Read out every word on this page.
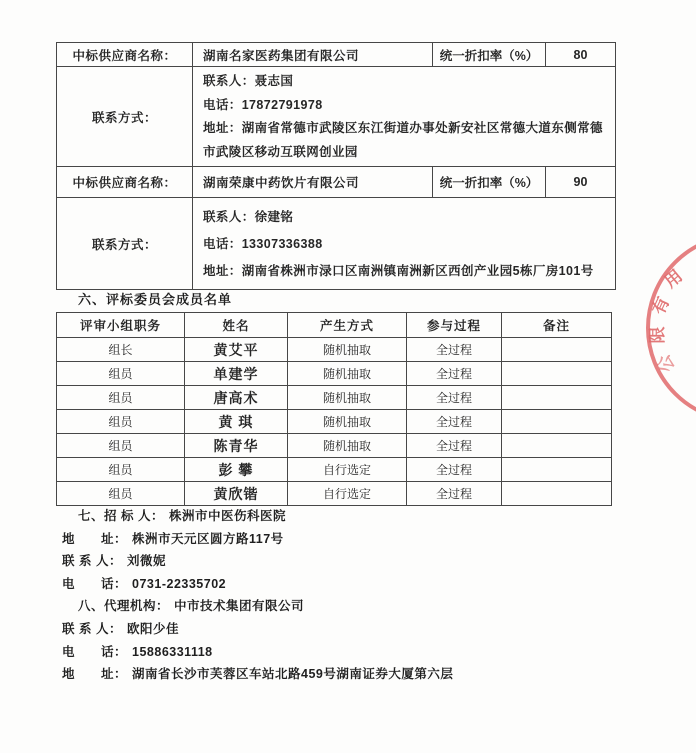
中标供应商名称：	湖南名家医药集团有限公司	统一折扣率（%）	80
联系方式：	联系人：聂志国
电话：17872791978
地址：湖南省常德市武陵区东江街道办事处新安社区常德大道东侧常德市武陵区移动互联网创业园		

中标供应商名称：	湖南荣康中药饮片有限公司	统一折扣率（%）	90
联系方式：	联系人：徐建铭
电话：13307336388
地址：湖南省株洲市渌口区南洲镇南洲新区西创产业园5栋厂房101号		
六、评标委员会成员名单
评审小组职务	姓名	产生方式	参与过程	备注
组长	黄艾平	随机抽取	全过程	
组员	单建学	随机抽取	全过程	
组员	唐高术	随机抽取	全过程	
组员	黄 琪	随机抽取	全过程	
组员	陈青华	随机抽取	全过程	
组员	彭 攀	自行选定	全过程	
组员	黄欣锴	自行选定	全过程	
七、招 标 人： 株洲市中医伤科医院
地　　址： 株洲市天元区圆方路117号
联 系 人： 刘微妮
电　　话： 0731-22335702
八、代理机构： 中市技术集团有限公司
联 系 人： 欧阳少佳
电　　话： 15886331118
地　　址： 湖南省长沙市芙蓉区车站北路459号湖南证券大厦第六层
用
有
限
公
